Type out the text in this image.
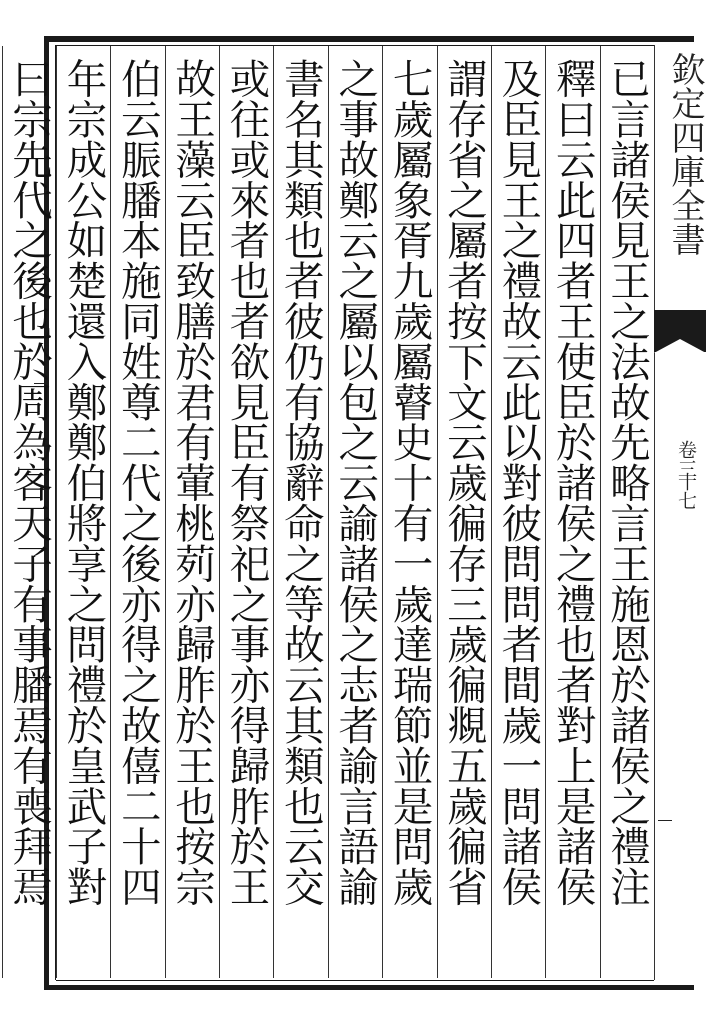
欽定四庫全書
卷三
十七
已言諸侯見王之法故先略言王施恩於諸侯之禮注
釋曰云此四者王使臣於諸侯之禮也者對上是諸侯
及臣見王之禮故云此以對彼問問者間歲一問諸侯
謂存省之屬者按下文云歲徧存三歲徧覜五歲徧省
七歲屬象胥九歲屬瞽史十有一歲達瑞節並是問歲
之事故鄭云之屬以包之云諭諸侯之志者諭言語諭
書名其類也者彼仍有協辭命之等故云其類也云交
或往或來者也者欲見臣有祭祀之事亦得歸胙於王
故王藻云臣致膳於君有葷桃茢亦歸胙於王也按宗
伯云脤膰本施同姓尊二代之後亦得之故僖二十四
年宗成公如楚還入鄭鄭伯將享之問禮於皇武子對
曰宗先代之後也於周為客天子有事膰焉有喪拜焉
